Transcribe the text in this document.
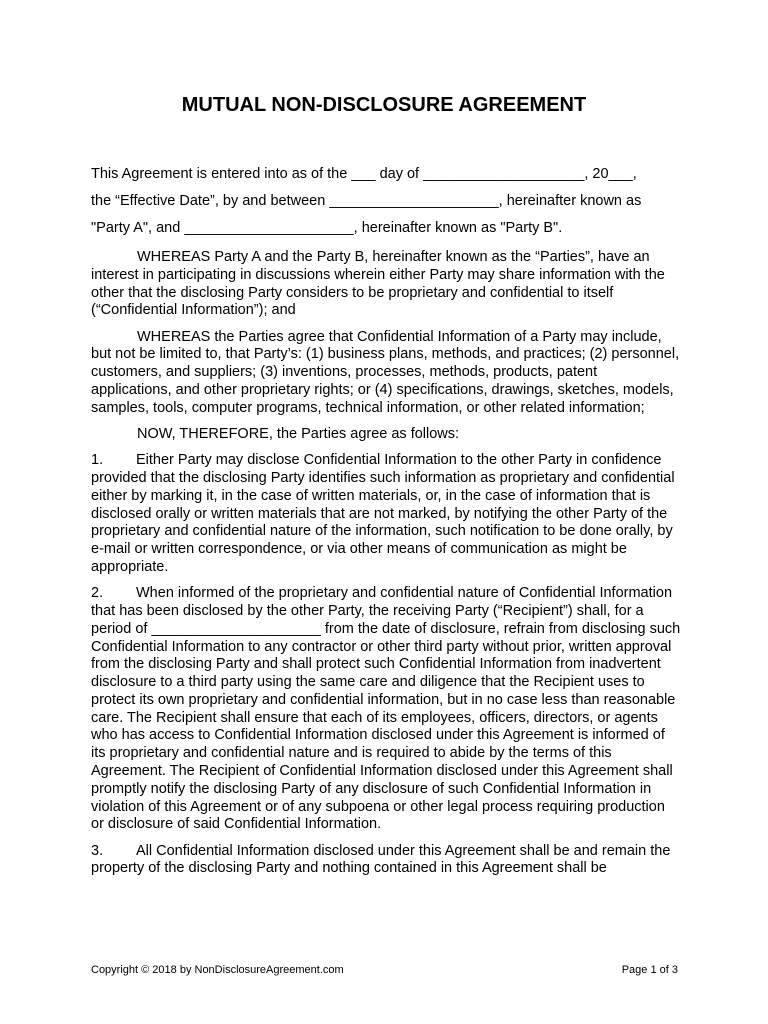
MUTUAL NON-DISCLOSURE AGREEMENT
This Agreement is entered into as of the ___ day of ____________________, 20___,
the “Effective Date”, by and between _____________________, hereinafter known as
"Party A", and _____________________, hereinafter known as "Party B".

WHEREAS Party A and the Party B, hereinafter known as the “Parties”, have an interest in participating in discussions wherein either Party may share information with the other that the disclosing Party considers to be proprietary and confidential to itself (“Confidential Information”); and

WHEREAS the Parties agree that Confidential Information of a Party may include, but not be limited to, that Party’s: (1) business plans, methods, and practices; (2) personnel, customers, and suppliers; (3) inventions, processes, methods, products, patent applications, and other proprietary rights; or (4) specifications, drawings, sketches, models, samples, tools, computer programs, technical information, or other related information;

NOW, THEREFORE, the Parties agree as follows:

1. Either Party may disclose Confidential Information to the other Party in confidence provided that the disclosing Party identifies such information as proprietary and confidential either by marking it, in the case of written materials, or, in the case of information that is disclosed orally or written materials that are not marked, by notifying the other Party of the proprietary and confidential nature of the information, such notification to be done orally, by e-mail or written correspondence, or via other means of communication as might be appropriate.

2. When informed of the proprietary and confidential nature of Confidential Information that has been disclosed by the other Party, the receiving Party (“Recipient”) shall, for a period of _____________________ from the date of disclosure, refrain from disclosing such Confidential Information to any contractor or other third party without prior, written approval from the disclosing Party and shall protect such Confidential Information from inadvertent disclosure to a third party using the same care and diligence that the Recipient uses to protect its own proprietary and confidential information, but in no case less than reasonable care. The Recipient shall ensure that each of its employees, officers, directors, or agents who has access to Confidential Information disclosed under this Agreement is informed of its proprietary and confidential nature and is required to abide by the terms of this Agreement. The Recipient of Confidential Information disclosed under this Agreement shall promptly notify the disclosing Party of any disclosure of such Confidential Information in violation of this Agreement or of any subpoena or other legal process requiring production or disclosure of said Confidential Information.

3. All Confidential Information disclosed under this Agreement shall be and remain the property of the disclosing Party and nothing contained in this Agreement shall be

Copyright © 2018 by NonDisclosureAgreement.com	Page 1 of 3
